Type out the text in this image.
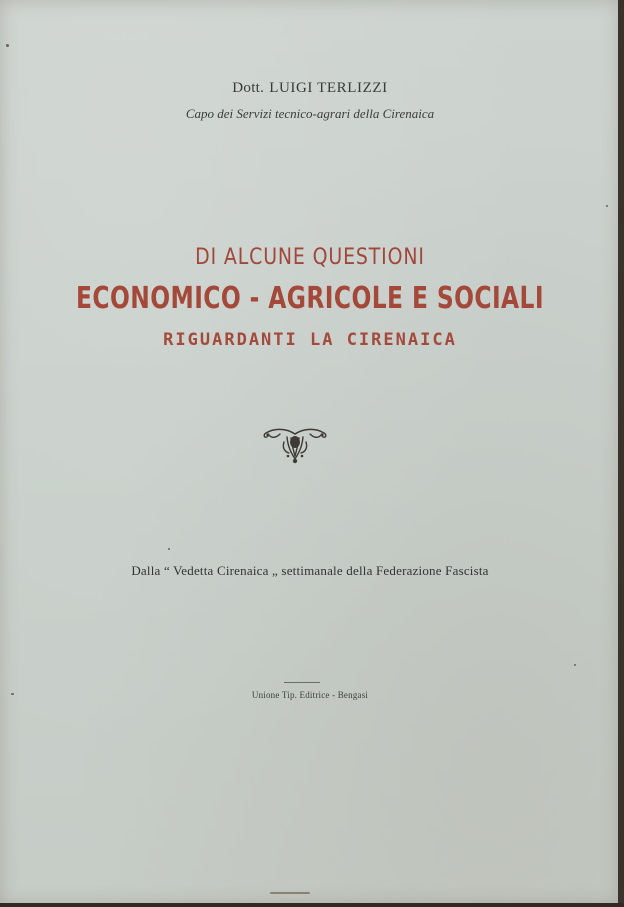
Dott. LUIGI TERLIZZI
Capo dei Servizi tecnico-agrari della Cirenaica
DI ALCUNE QUESTIONI
ECONOMICO - AGRICOLE E SOCIALI
RIGUARDANTI LA CIRENAICA
Dalla “ Vedetta Cirenaica „ settimanale della Federazione Fascista
Unione Tip. Editrice - Bengasi
